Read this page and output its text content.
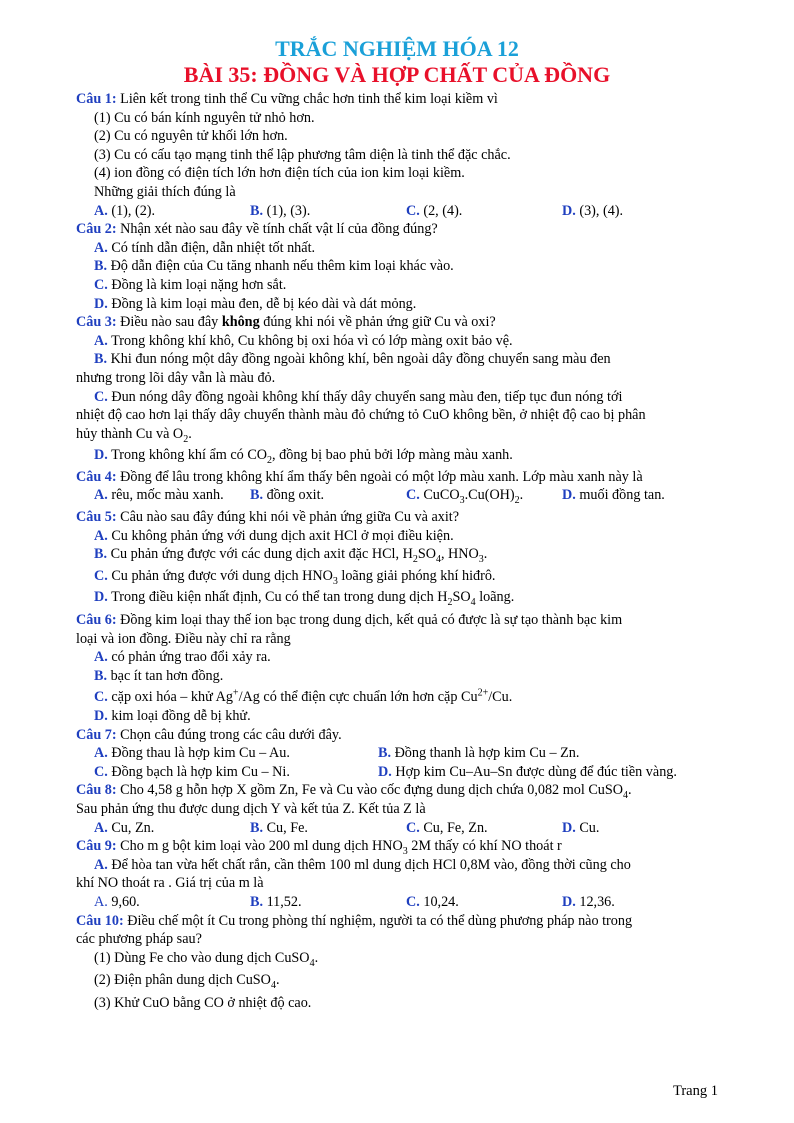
TRẮC NGHIỆM HÓA 12
BÀI 35: ĐỒNG VÀ HỢP CHẤT CỦA ĐỒNG
Câu 1: Liên kết trong tinh thể Cu vững chắc hơn tinh thể kim loại kiềm vì
(1) Cu có bán kính nguyên tử nhỏ hơn.
(2) Cu có nguyên tử khối lớn hơn.
(3) Cu có cấu tạo mạng tinh thể lập phương tâm diện là tinh thể đặc chắc.
(4) ion đồng có điện tích lớn hơn điện tích của ion kim loại kiềm.
Những giải thích đúng là
A. (1), (2).	B. (1), (3).	C. (2, (4).	D. (3), (4).
Câu 2: Nhận xét nào sau đây về tính chất vật lí của đồng đúng?
A. Có tính dẫn điện, dẫn nhiệt tốt nhất.
B. Độ dẫn điện của Cu tăng nhanh nếu thêm kim loại khác vào.
C. Đồng là kim loại nặng hơn sắt.
D. Đồng là kim loại màu đen, dễ bị kéo dài và dát mỏng.
Câu 3: Điều nào sau đây không đúng khi nói về phản ứng giữ Cu và oxi?
A. Trong không khí khô, Cu không bị oxi hóa vì có lớp màng oxit bảo vệ.
B. Khi đun nóng một dây đồng ngoài không khí, bên ngoài dây đồng chuyển sang màu đen
nhưng trong lõi dây vẫn là màu đỏ.
C. Đun nóng dây đồng ngoài không khí thấy dây chuyển sang màu đen, tiếp tục đun nóng tới
nhiệt độ cao hơn lại thấy dây chuyển thành màu đỏ chứng tỏ CuO không bền, ở nhiệt độ cao bị phân
hủy thành Cu và $O_2$.
D. Trong không khí ẩm có $CO_2$, đồng bị bao phủ bởi lớp màng màu xanh.
Câu 4: Đồng để lâu trong không khí ẩm thấy bên ngoài có một lớp màu xanh. Lớp màu xanh này là
A. rêu, mốc màu xanh.	B. đồng oxit.	C. $CuCO_3.Cu(OH)_2$.	D. muối đồng tan.
Câu 5: Câu nào sau đây đúng khi nói về phản ứng giữa Cu và axit?
A. Cu không phản ứng với dung dịch axit HCl ở mọi điều kiện.
B. Cu phản ứng được với các dung dịch axit đặc HCl, $H_2SO_4$, $HNO_3$.
C. Cu phản ứng được với dung dịch $HNO_3$ loãng giải phóng khí hiđrô.
D. Trong điều kiện nhất định, Cu có thể tan trong dung dịch $H_2SO_4$ loãng.
Câu 6: Đồng kim loại thay thế ion bạc trong dung dịch, kết quả có được là sự tạo thành bạc kim
loại và ion đồng. Điều này chỉ ra rằng
A. có phản ứng trao đổi xảy ra.
B. bạc ít tan hơn đồng.
C. cặp oxi hóa – khử Ag+/Ag có thể điện cực chuẩn lớn hơn cặp $Cu^{2+}/Cu$.
D. kim loại đồng dễ bị khử.
Câu 7: Chọn câu đúng trong các câu dưới đây.
A. Đồng thau là hợp kim Cu – Au.	B. Đồng thanh là hợp kim Cu – Zn.
C. Đồng bạch là hợp kim Cu – Ni.	D. Hợp kim Cu–Au–Sn được dùng để đúc tiền vàng.
Câu 8: Cho 4,58 g hỗn hợp X gồm Zn, Fe và Cu vào cốc đựng dung dịch chứa 0,082 mol CuSO$_4$.
Sau phản ứng thu được dung dịch Y và kết tủa Z. Kết tủa Z là
A. Cu, Zn.	B. Cu, Fe.	C. Cu, Fe, Zn.	D. Cu.
Câu 9: Cho m g bột kim loại vào 200 ml dung dịch $HNO_3$ 2M thấy có khí NO thoát r
A. Để hòa tan vừa hết chất rắn, cần thêm 100 ml dung dịch HCl 0,8M vào, đồng thời cũng cho
khí NO thoát ra . Giá trị của m là
A. 9,60.	B. 11,52.	C. 10,24.	D. 12,36.
Câu 10: Điều chế một ít Cu trong phòng thí nghiệm, người ta có thể dùng phương pháp nào trong
các phương pháp sau?
(1) Dùng Fe cho vào dung dịch CuSO$_4$.
(2) Điện phân dung dịch CuSO$_4$.
(3) Khử CuO bằng CO ở nhiệt độ cao.
Trang 1
